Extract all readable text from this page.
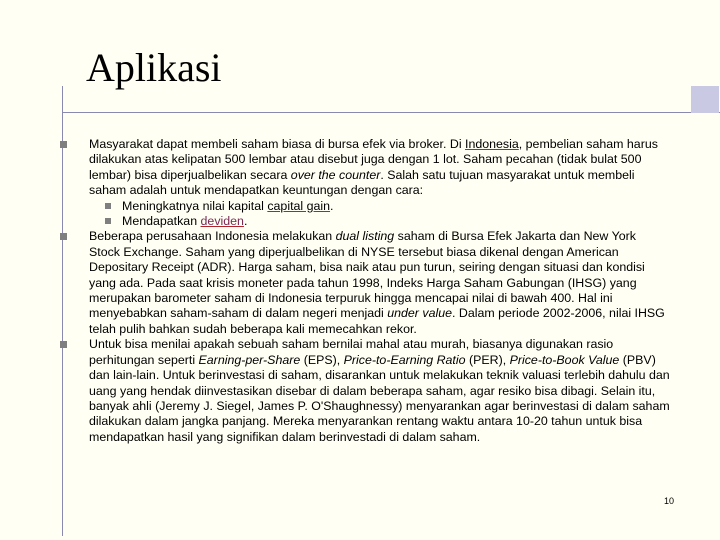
Aplikasi
Masyarakat dapat membeli saham biasa di bursa efek via broker. Di Indonesia, pembelian saham harus dilakukan atas kelipatan 500 lembar atau disebut juga dengan 1 lot. Saham pecahan (tidak bulat 500 lembar) bisa diperjualbelikan secara over the counter. Salah satu tujuan masyarakat untuk membeli saham adalah untuk mendapatkan keuntungan dengan cara:
Meningkatnya nilai kapital capital gain.
Mendapatkan deviden.
Beberapa perusahaan Indonesia melakukan dual listing saham di Bursa Efek Jakarta dan New York Stock Exchange. Saham yang diperjualbelikan di NYSE tersebut biasa dikenal dengan American Depositary Receipt (ADR). Harga saham, bisa naik atau pun turun, seiring dengan situasi dan kondisi yang ada. Pada saat krisis moneter pada tahun 1998, Indeks Harga Saham Gabungan (IHSG) yang merupakan barometer saham di Indonesia terpuruk hingga mencapai nilai di bawah 400. Hal ini menyebabkan saham-saham di dalam negeri menjadi under value. Dalam periode 2002-2006, nilai IHSG telah pulih bahkan sudah beberapa kali memecahkan rekor.
Untuk bisa menilai apakah sebuah saham bernilai mahal atau murah, biasanya digunakan rasio perhitungan seperti Earning-per-Share (EPS), Price-to-Earning Ratio (PER), Price-to-Book Value (PBV) dan lain-lain. Untuk berinvestasi di saham, disarankan untuk melakukan teknik valuasi terlebih dahulu dan uang yang hendak diinvestasikan disebar di dalam beberapa saham, agar resiko bisa dibagi. Selain itu, banyak ahli (Jeremy J. Siegel, James P. O'Shaughnessy) menyarankan agar berinvestasi di dalam saham dilakukan dalam jangka panjang. Mereka menyarankan rentang waktu antara 10-20 tahun untuk bisa mendapatkan hasil yang signifikan dalam berinvestadi di dalam saham.
10
